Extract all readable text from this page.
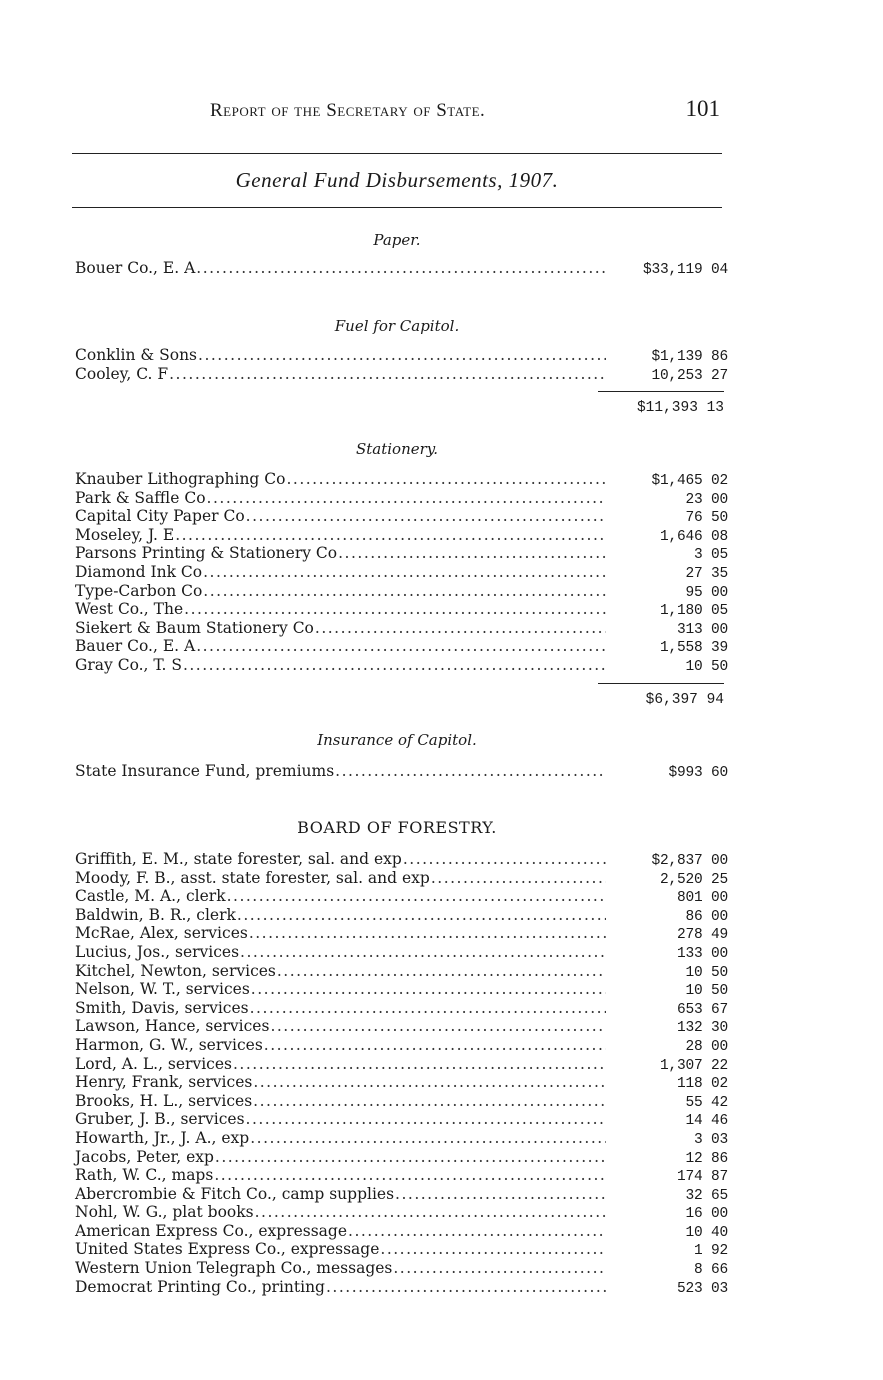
Report of the Secretary of State.	101
General Fund Disbursements, 1907.
Paper.
Bouer Co., E. A .....	$33,119 04
Fuel for Capitol.
Conklin & Sons .....	$1,139 86
Cooley, C. F .....	10,253 27
$11,393 13
Stationery.
Knauber Lithographing Co .....	$1,465 02
Park & Saffle Co .....	23 00
Capital City Paper Co .....	76 50
Moseley, J. E .....	1,646 08
Parsons Printing & Stationery Co .....	3 05
Diamond Ink Co .....	27 35
Type-Carbon Co .....	95 00
West Co., The .....	1,180 05
Siekert & Baum Stationery Co .....	313 00
Bauer Co., E. A .....	1,558 39
Gray Co., T. S .....	10 50
$6,397 94
Insurance of Capitol.
State Insurance Fund, premiums .....	$993 60
BOARD OF FORESTRY.
Griffith, E. M., state forester, sal. and exp .....	$2,837 00
Moody, F. B., asst. state forester, sal. and exp .....	2,520 25
Castle, M. A., clerk .....	801 00
Baldwin, B. R., clerk .....	86 00
McRae, Alex, services .....	278 49
Lucius, Jos., services .....	133 00
Kitchel, Newton, services .....	10 50
Nelson, W. T., services .....	10 50
Smith, Davis, services .....	653 67
Lawson, Hance, services .....	132 30
Harmon, G. W., services .....	28 00
Lord, A. L., services .....	1,307 22
Henry, Frank, services .....	118 02
Brooks, H. L., services .....	55 42
Gruber, J. B., services .....	14 46
Howarth, Jr., J. A., exp .....	3 03
Jacobs, Peter, exp .....	12 86
Rath, W. C., maps .....	174 87
Abercrombie & Fitch Co., camp supplies .....	32 65
Nohl, W. G., plat books .....	16 00
American Express Co., expressage .....	10 40
United States Express Co., expressage .....	1 92
Western Union Telegraph Co., messages .....	8 66
Democrat Printing Co., printing .....	523 03
